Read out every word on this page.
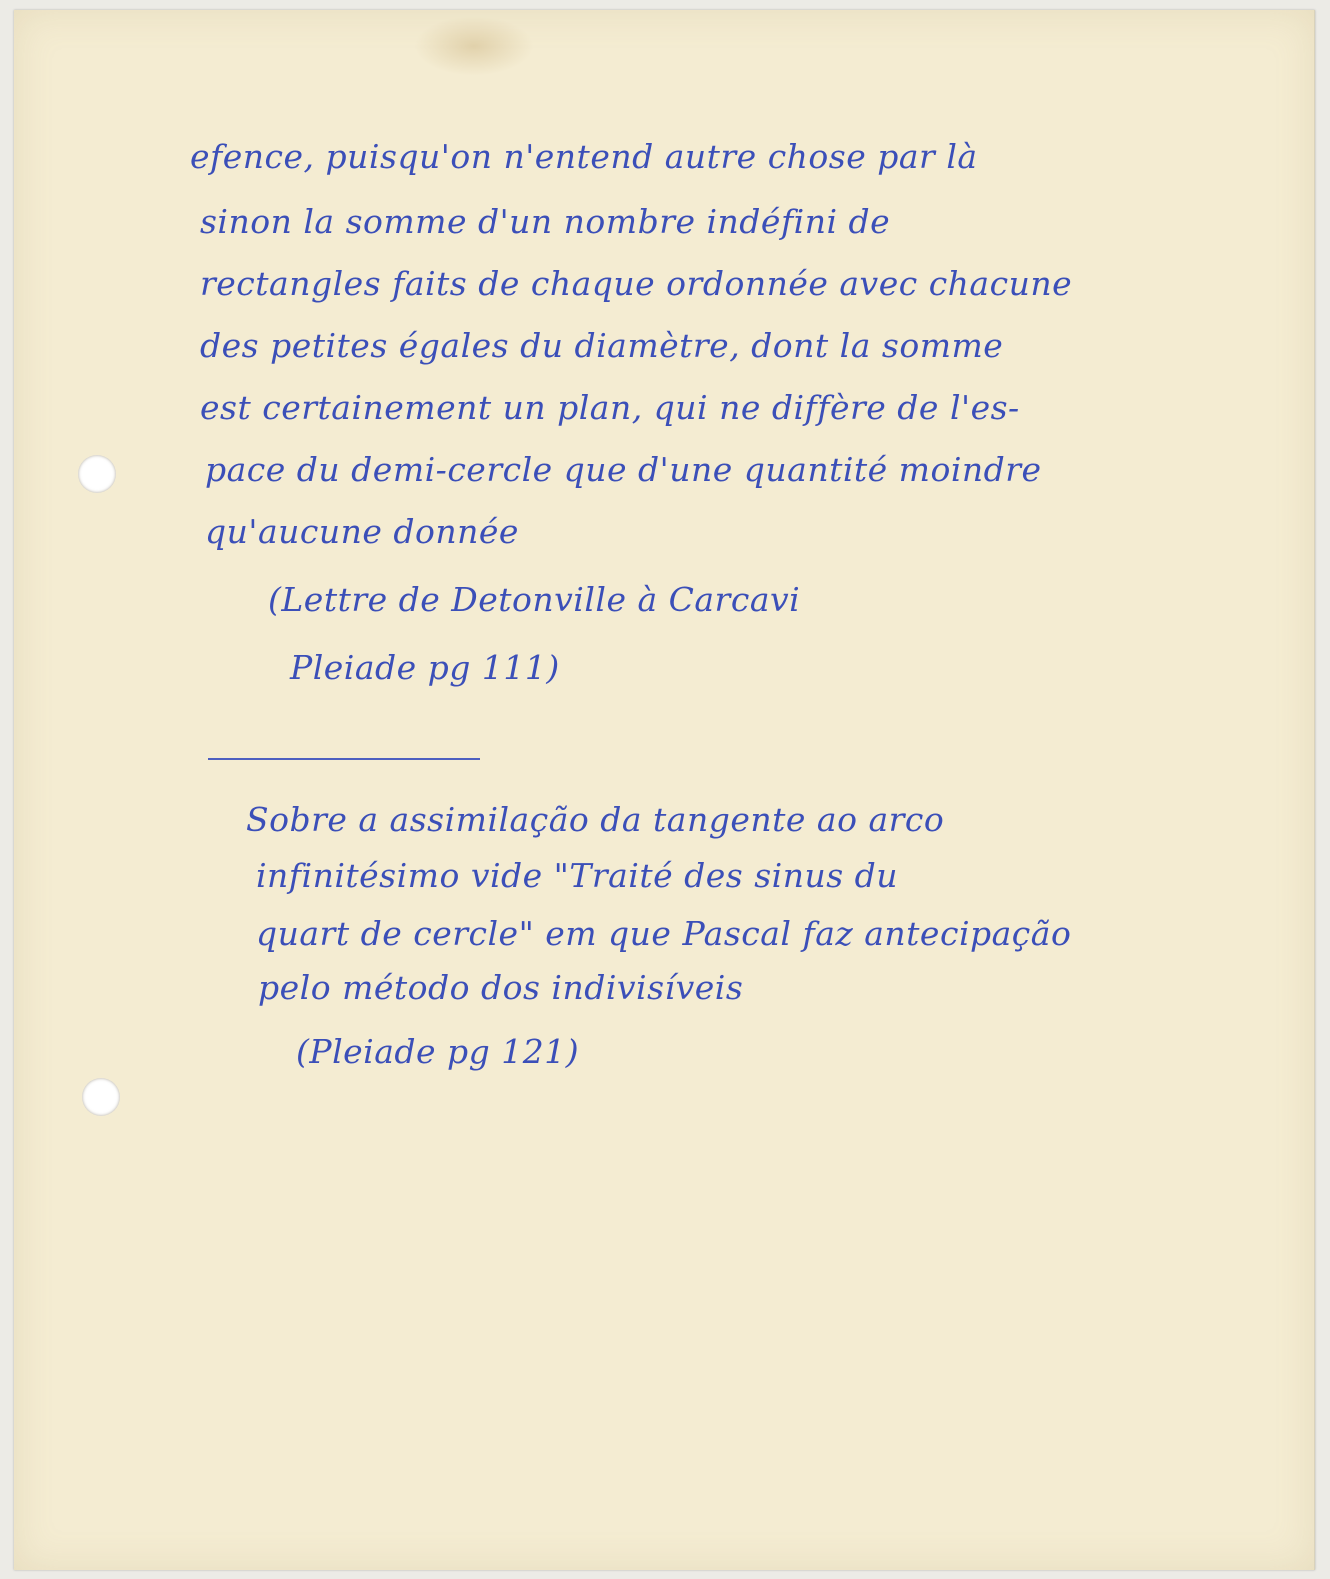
efence, puisqu'on n'entend autre chose par là
sinon la somme d'un nombre indéfini de
rectangles faits de chaque ordonnée avec chacune
des petites égales du diamètre, dont la somme
est certainement un plan, qui ne diffère de l'es-
pace du demi-cercle que d'une quantité moindre
qu'aucune donnée
(Lettre de Detonville à Carcavi
Pleiade pg 111)
Sobre a assimilação da tangente ao arco
infinitésimo vide "Traité des sinus du
quart de cercle" em que Pascal faz antecipação
pelo método dos indivisíveis
(Pleiade pg 121)
